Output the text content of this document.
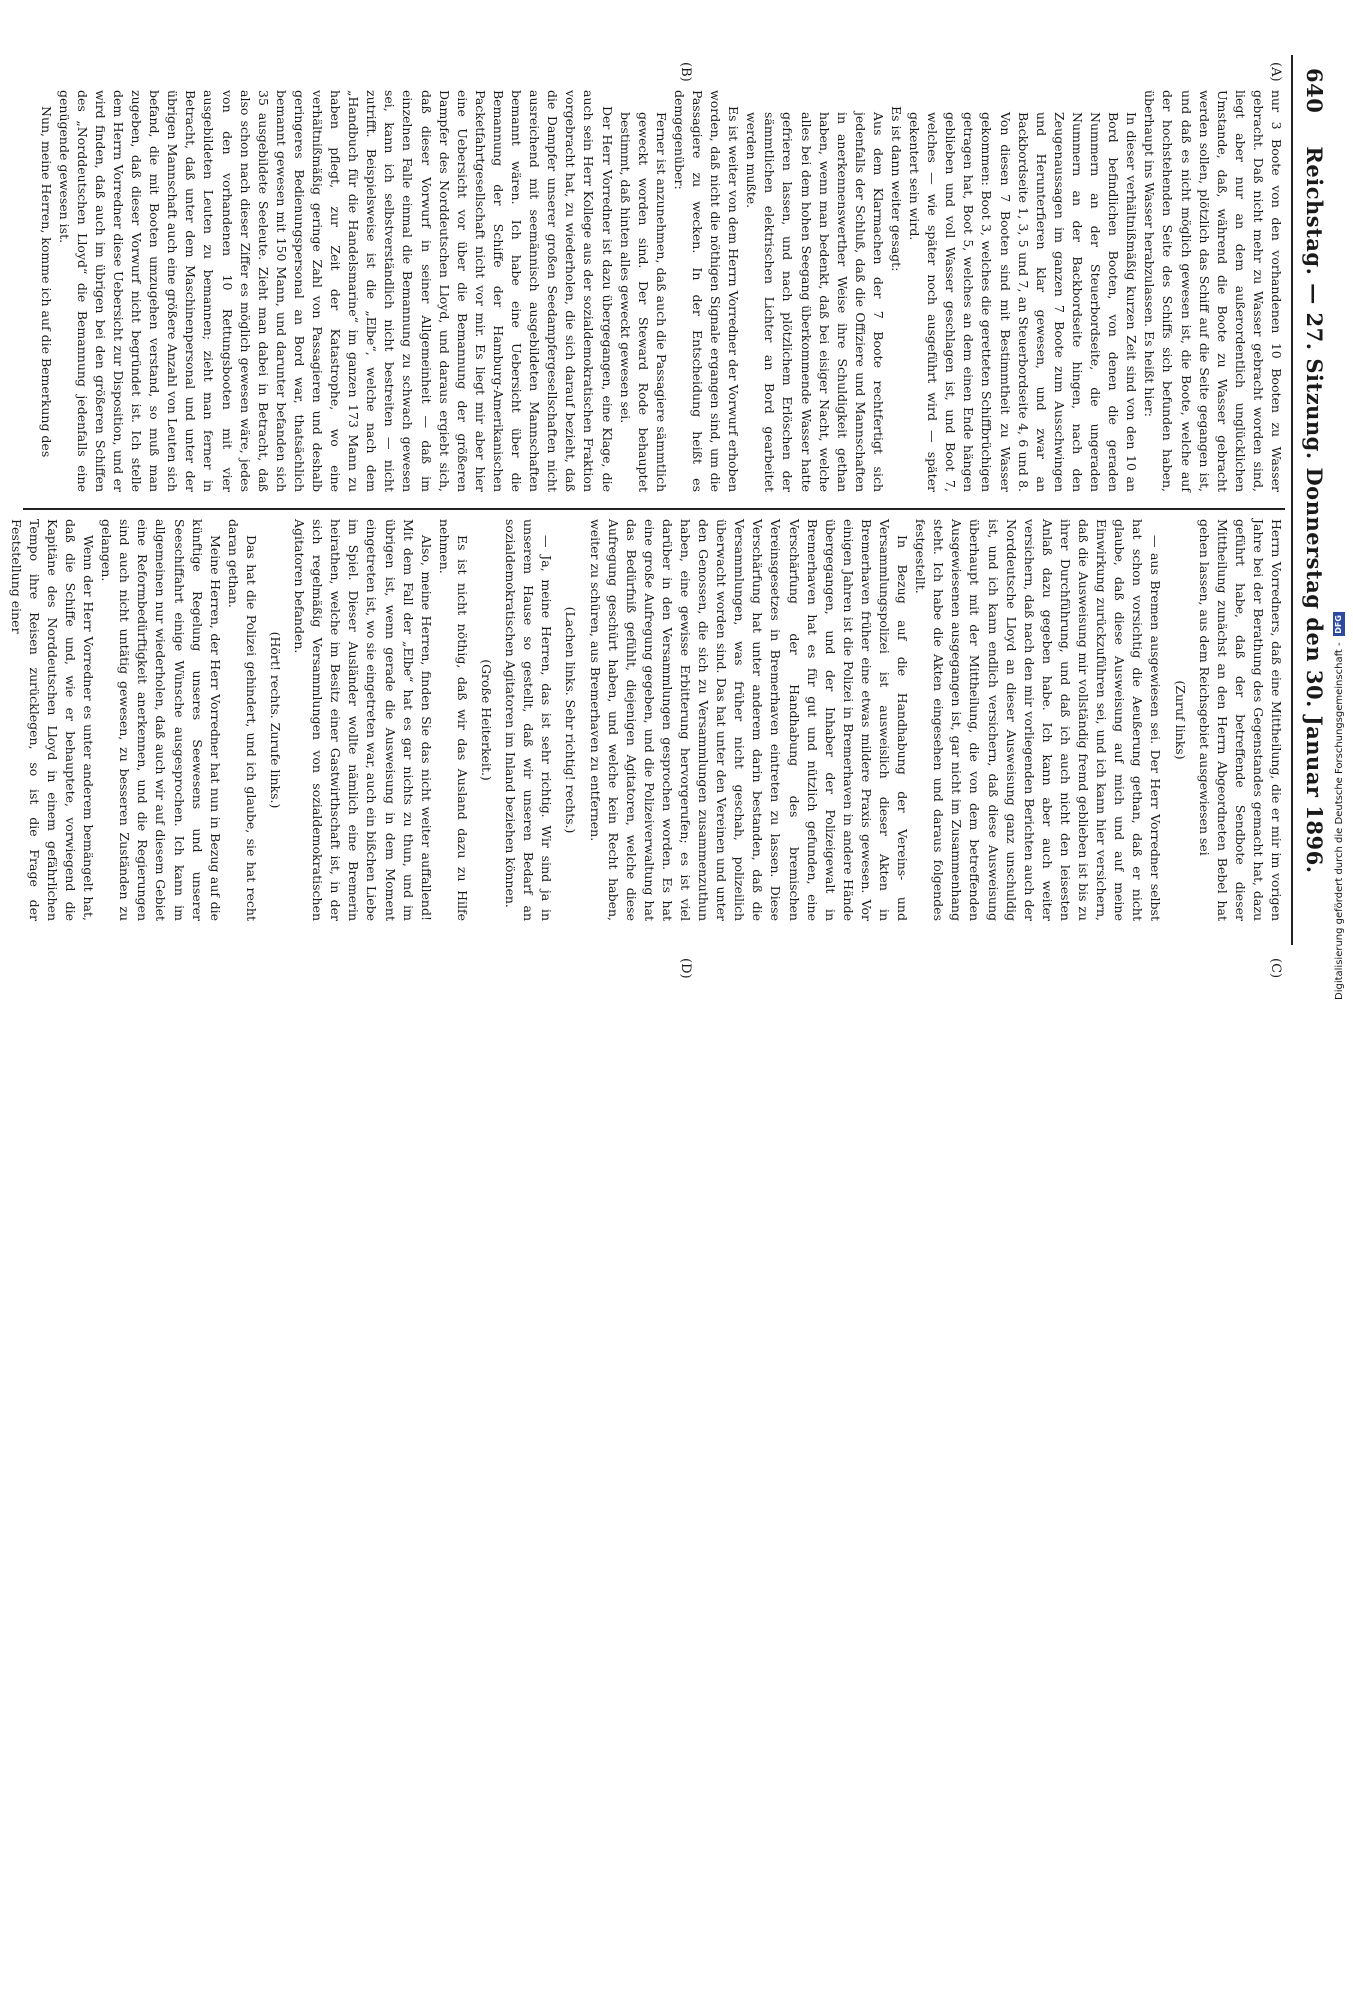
640
Reichstag. — 27. Sitzung. Donnerstag den 30. Januar 1896.
(A)
(B)
(C)
(D)

nur 3 Boote von den vorhandenen 10 Booten zu Wasser gebracht. Daß nicht mehr zu Wasser gebracht worden sind, liegt aber nur an dem außerordentlich unglücklichen Umstande, daß, während die Boote zu Wasser gebracht werden sollen, plötzlich das Schiff auf die Seite gegangen ist, und daß es nicht möglich gewesen ist, die Boote, welche auf der hochstehenden Seite des Schiffs sich befunden haben, überhaupt ins Wasser herabzulassen. Es heißt hier:

In dieser verhältnißmäßig kurzen Zeit sind von den 10 an Bord befindlichen Booten, von denen die geraden Nummern an der Steuerbordseite, die ungeraden Nummern an der Backbordseite hingen, nach den Zeugenaussagen im ganzen 7 Boote zum Ausschwingen und Herunterfieren klar gewesen, und zwar an Backbordseite 1, 3, 5 und 7, an Steuerbordseite 4, 6 und 8. Von diesen 7 Booten sind mit Bestimmtheit zu Wasser gekommen: Boot 3, welches die geretteten Schiffbrüchigen getragen hat, Boot 5, welches an dem einen Ende hängen geblieben und voll Wasser geschlagen ist, und Boot 7, welches — wie später noch ausgeführt wird — später gekentert sein wird.

Es ist dann weiter gesagt:

Aus dem Klarmachen der 7 Boote rechtfertigt sich jedenfalls der Schluß, daß die Offiziere und Mannschaften in anerkennenswerther Weise ihre Schuldigkeit gethan haben, wenn man bedenkt, daß bei eisiger Nacht, welche alles bei dem hohen Seegang überkommende Wasser hatte gefrieren lassen, und nach plötzlichem Erlöschen der sämmtlichen elektrischen Lichter an Bord gearbeitet werden mußte.

Es ist weiter von dem Herrn Vorredner der Vorwurf erhoben worden, daß nicht die nöthigen Signale ergangen sind, um die Passagiere zu wecken. In der Entscheidung heißt es demgegenüber:

Ferner ist anzunehmen, daß auch die Passagiere sämmtlich geweckt worden sind. Der Steward Rode behauptet bestimmt, daß hinten alles geweckt gewesen sei.

Der Herr Vorredner ist dazu übergegangen, eine Klage, die auch sein Herr Kollege aus der sozialdemokratischen Fraktion vorgebracht hat, zu wiederholen, die sich darauf bezieht, daß die Dampfer unserer großen Seedampfergesellschaften nicht ausreichend mit seemännisch ausgebildeten Mannschaften bemannt wären. Ich habe eine Uebersicht über die Bemannung der Schiffe der Hamburg-Amerikanischen Packetfahrtgesellschaft nicht vor mir. Es liegt mir aber hier eine Uebersicht vor über die Bemannung der größeren Dampfer des Norddeutschen Lloyd, und daraus ergiebt sich, daß dieser Vorwurf in seiner Allgemeinheit — daß im einzelnen Falle einmal die Bemannung zu schwach gewesen sei, kann ich selbstverständlich nicht bestreiten — nicht zutrifft. Beispielsweise ist die „Elbe“, welche nach dem „Handbuch für die Handelsmarine“ im ganzen 173 Mann zu haben pflegt, zur Zeit der Katastrophe, wo eine verhältnißmäßig geringe Zahl von Passagieren und deshalb geringeres Bedienungspersonal an Bord war, thatsächlich bemannt gewesen mit 150 Mann, und darunter befanden sich 35 ausgebildete Seeleute. Zieht man dabei in Betracht, daß also schon nach dieser Ziffer es möglich gewesen wäre, jedes von den vorhandenen 10 Rettungsbooten mit vier ausgebildeten Leuten zu bemannen; zieht man ferner in Betracht, daß unter dem Maschinenpersonal und unter der übrigen Mannschaft auch eine größere Anzahl von Leuten sich befand, die mit Booten umzugehen verstand, so muß man zugeben, daß dieser Vorwurf nicht begründet ist. Ich stelle dem Herrn Vorredner diese Uebersicht zur Disposition, und er wird finden, daß auch im übrigen bei den größeren Schiffen des „Norddeutschen Lloyd“ die Bemannung jedenfalls eine genügende gewesen ist.

Nun, meine Herren, komme ich auf die Bemerkung des

Herrn Vorredners, daß eine Mittheilung, die er mir im vorigen Jahre bei der Berathung des Gegenstandes gemacht hat, dazu geführt habe, daß der betreffende Sendbote dieser Mittheilung zunächst an den Herrn Abgeordneten Bebel hat gehen lassen, aus dem Reichsgebiet ausgewiesen sei

(Zuruf links)

— aus Bremen ausgewiesen sei. Der Herr Vorredner selbst hat schon vorsichtig die Aeußerung gethan, daß er nicht glaube, daß diese Ausweisung auf mich und auf meine Einwirkung zurückzuführen sei, und ich kann hier versichern, daß die Ausweisung mir vollständig fremd geblieben ist bis zu ihrer Durchführung, und daß ich auch nicht den leisesten Anlaß dazu gegeben habe. Ich kann aber auch weiter versichern, daß nach den mir vorliegenden Berichten auch der Norddeutsche Lloyd an dieser Ausweisung ganz unschuldig ist, und ich kann endlich versichern, daß diese Ausweisung überhaupt mit der Mittheilung, die von dem betreffenden Ausgewiesenen ausgegangen ist, gar nicht im Zusammenhang steht. Ich habe die Akten eingesehen und daraus folgendes festgestellt.

In Bezug auf die Handhabung der Vereins- und Versammlungspolizei ist ausweislich dieser Akten in Bremerhaven früher eine etwas mildere Praxis gewesen. Vor einigen Jahren ist die Polizei in Bremerhaven in andere Hände übergegangen, und der Inhaber der Polizeigewalt in Bremerhaven hat es für gut und nützlich gefunden, eine Verschärfung der Handhabung des bremischen Vereinsgesetzes in Bremerhaven eintreten zu lassen. Diese Verschärfung hat unter anderem darin bestanden, daß die Versammlungen, was früher nicht geschah, polizeilich überwacht worden sind. Das hat unter den Vereinen und unter den Genossen, die sich zu Versammlungen zusammenzuthun haben, eine gewisse Erbitterung hervorgerufen; es ist viel darüber in den Versammlungen gesprochen worden. Es hat eine große Aufregung gegeben, und die Polizeiverwaltung hat das Bedürfniß gefühlt, diejenigen Agitatoren, welche diese Aufregung geschürt haben, und welche kein Recht haben, weiter zu schüren, aus Bremerhaven zu entfernen.

(Lachen links. Sehr richtig! rechts.)

— Ja, meine Herren, das ist sehr richtig. Wir sind ja in unserem Hause so gestellt, daß wir unseren Bedarf an sozialdemokratischen Agitatoren im Inland beziehen können.

(Große Heiterkeit.)

Es ist nicht nöthig, daß wir das Ausland dazu zu Hilfe nehmen.

Also, meine Herren, finden Sie das nicht weiter auffallend! Mit dem Fall der „Elbe“ hat es gar nichts zu thun, und im übrigen ist, wenn gerade die Ausweisung in dem Moment eingetreten ist, wo sie eingetreten war, auch ein bißchen Liebe im Spiel. Dieser Ausländer wollte nämlich eine Bremerin heirathen, welche im Besitz einer Gastwirthschaft ist, in der sich regelmäßig Versammlungen von sozialdemokratischen Agitatoren befanden.

(Hört! rechts. Zurufe links.)

Das hat die Polizei gehindert, und ich glaube, sie hat recht daran gethan.

Meine Herren, der Herr Vorredner hat nun in Bezug auf die künftige Regelung unseres Seewesens und unserer Seeschiffahrt einige Wünsche ausgesprochen. Ich kann im allgemeinen nur wiederholen, daß auch wir auf diesem Gebiet eine Reformbedürftigkeit anerkennen, und die Regierungen sind auch nicht untätig gewesen, zu besseren Zuständen zu gelangen.

Wenn der Herr Vorredner es unter anderem bemängelt hat, daß die Schiffe und, wie er behauptete, vorwiegend die Kapitäne des Norddeutschen Lloyd in einem gefährlichen Tempo ihre Reisen zurücklegen, so ist die Frage der Feststellung einer

Digitalisierung gefördert durch die Deutsche Forschungsgemeinschaft -DFG
